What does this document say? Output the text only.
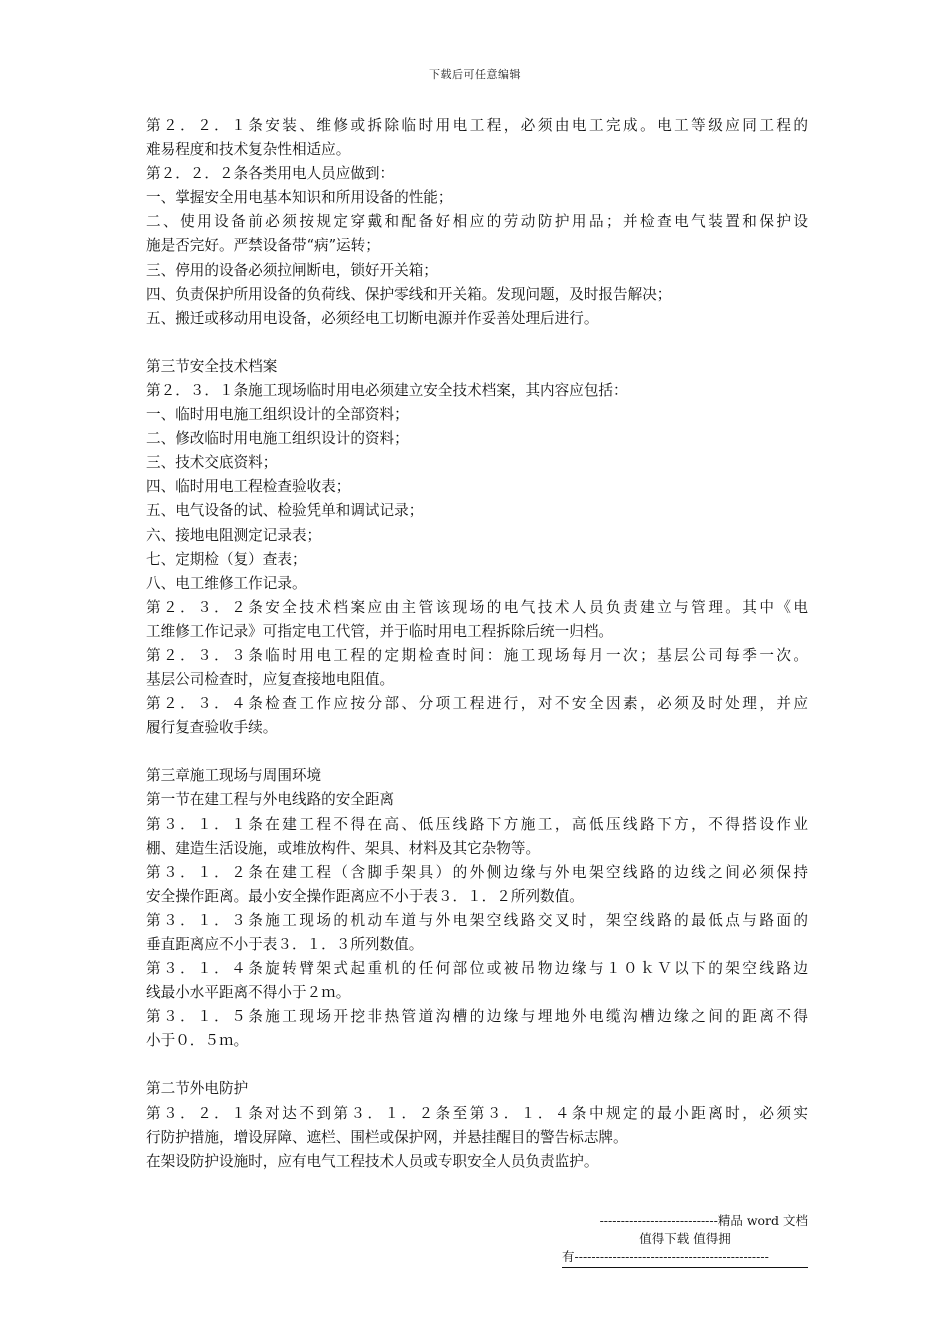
下载后可任意编辑
第２．２．１条安装、维修或拆除临时用电工程，必须由电工完成。电工等级应同工程的
难易程度和技术复杂性相适应。
第２．２．２条各类用电人员应做到：
一、掌握安全用电基本知识和所用设备的性能；
二、使用设备前必须按规定穿戴和配备好相应的劳动防护用品；并检查电气装置和保护设
施是否完好。严禁设备带“病”运转；
三、停用的设备必须拉闸断电，锁好开关箱；
四、负责保护所用设备的负荷线、保护零线和开关箱。发现问题，及时报告解决；
五、搬迁或移动用电设备，必须经电工切断电源并作妥善处理后进行。
第三节安全技术档案
第２．３．１条施工现场临时用电必须建立安全技术档案，其内容应包括：
一、临时用电施工组织设计的全部资料；
二、修改临时用电施工组织设计的资料；
三、技术交底资料；
四、临时用电工程检查验收表；
五、电气设备的试、检验凭单和调试记录；
六、接地电阻测定记录表；
七、定期检（复）查表；
八、电工维修工作记录。
第２．３．２条安全技术档案应由主管该现场的电气技术人员负责建立与管理。其中《电
工维修工作记录》可指定电工代管，并于临时用电工程拆除后统一归档。
第２．３．３条临时用电工程的定期检查时间：施工现场每月一次；基层公司每季一次。
基层公司检查时，应复查接地电阻值。
第２．３．４条检查工作应按分部、分项工程进行，对不安全因素，必须及时处理，并应
履行复查验收手续。
第三章施工现场与周围环境
第一节在建工程与外电线路的安全距离
第３．１．１条在建工程不得在高、低压线路下方施工，高低压线路下方，不得搭设作业
棚、建造生活设施，或堆放构件、架具、材料及其它杂物等。
第３．１．２条在建工程（含脚手架具）的外侧边缘与外电架空线路的边线之间必须保持
安全操作距离。最小安全操作距离应不小于表３．１．２所列数值。
第３．１．３条施工现场的机动车道与外电架空线路交叉时，架空线路的最低点与路面的
垂直距离应不小于表３．１．３所列数值。
第３．１．４条旋转臂架式起重机的任何部位或被吊物边缘与１０ｋＶ以下的架空线路边
线最小水平距离不得小于２ｍ。
第３．１．５条施工现场开挖非热管道沟槽的边缘与埋地外电缆沟槽边缘之间的距离不得
小于０．５ｍ。
第二节外电防护
第３．２．１条对达不到第３．１．２条至第３．１．４条中规定的最小距离时，必须实
行防护措施，增设屏障、遮栏、围栏或保护网，并悬挂醒目的警告标志牌。
在架设防护设施时，应有电气工程技术人员或专职安全人员负责监护。
----------------------------精品 word 文档
值得下载 值得拥
有----------------------------------------------
